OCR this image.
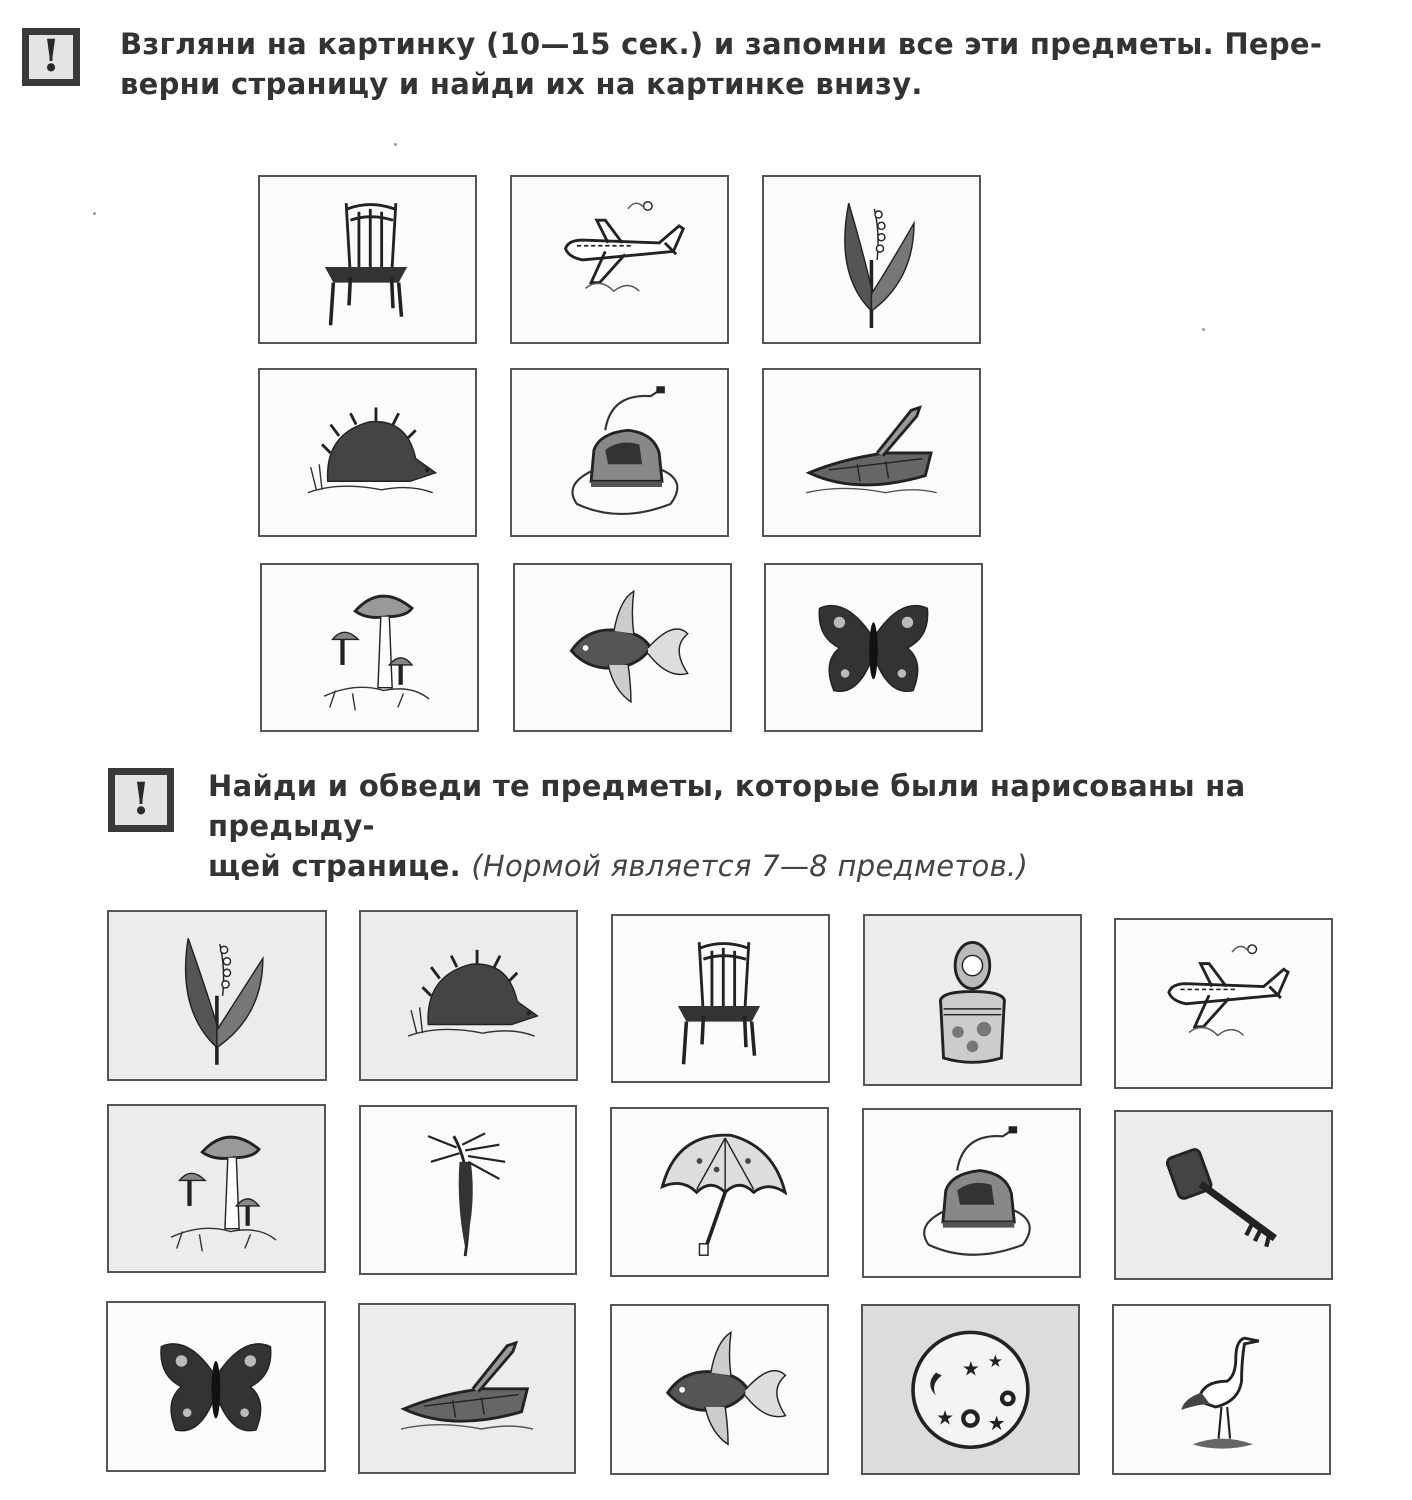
!	Взгляни на картинку (10—15 сек.) и запомни все эти предметы. Пере-
верни страницу и найди их на картинке внизу.
!	Найди и обведи те предметы, которые были нарисованы на предыду-
щей странице. (Нормой является 7—8 предметов.)
★ ★
★ ★
